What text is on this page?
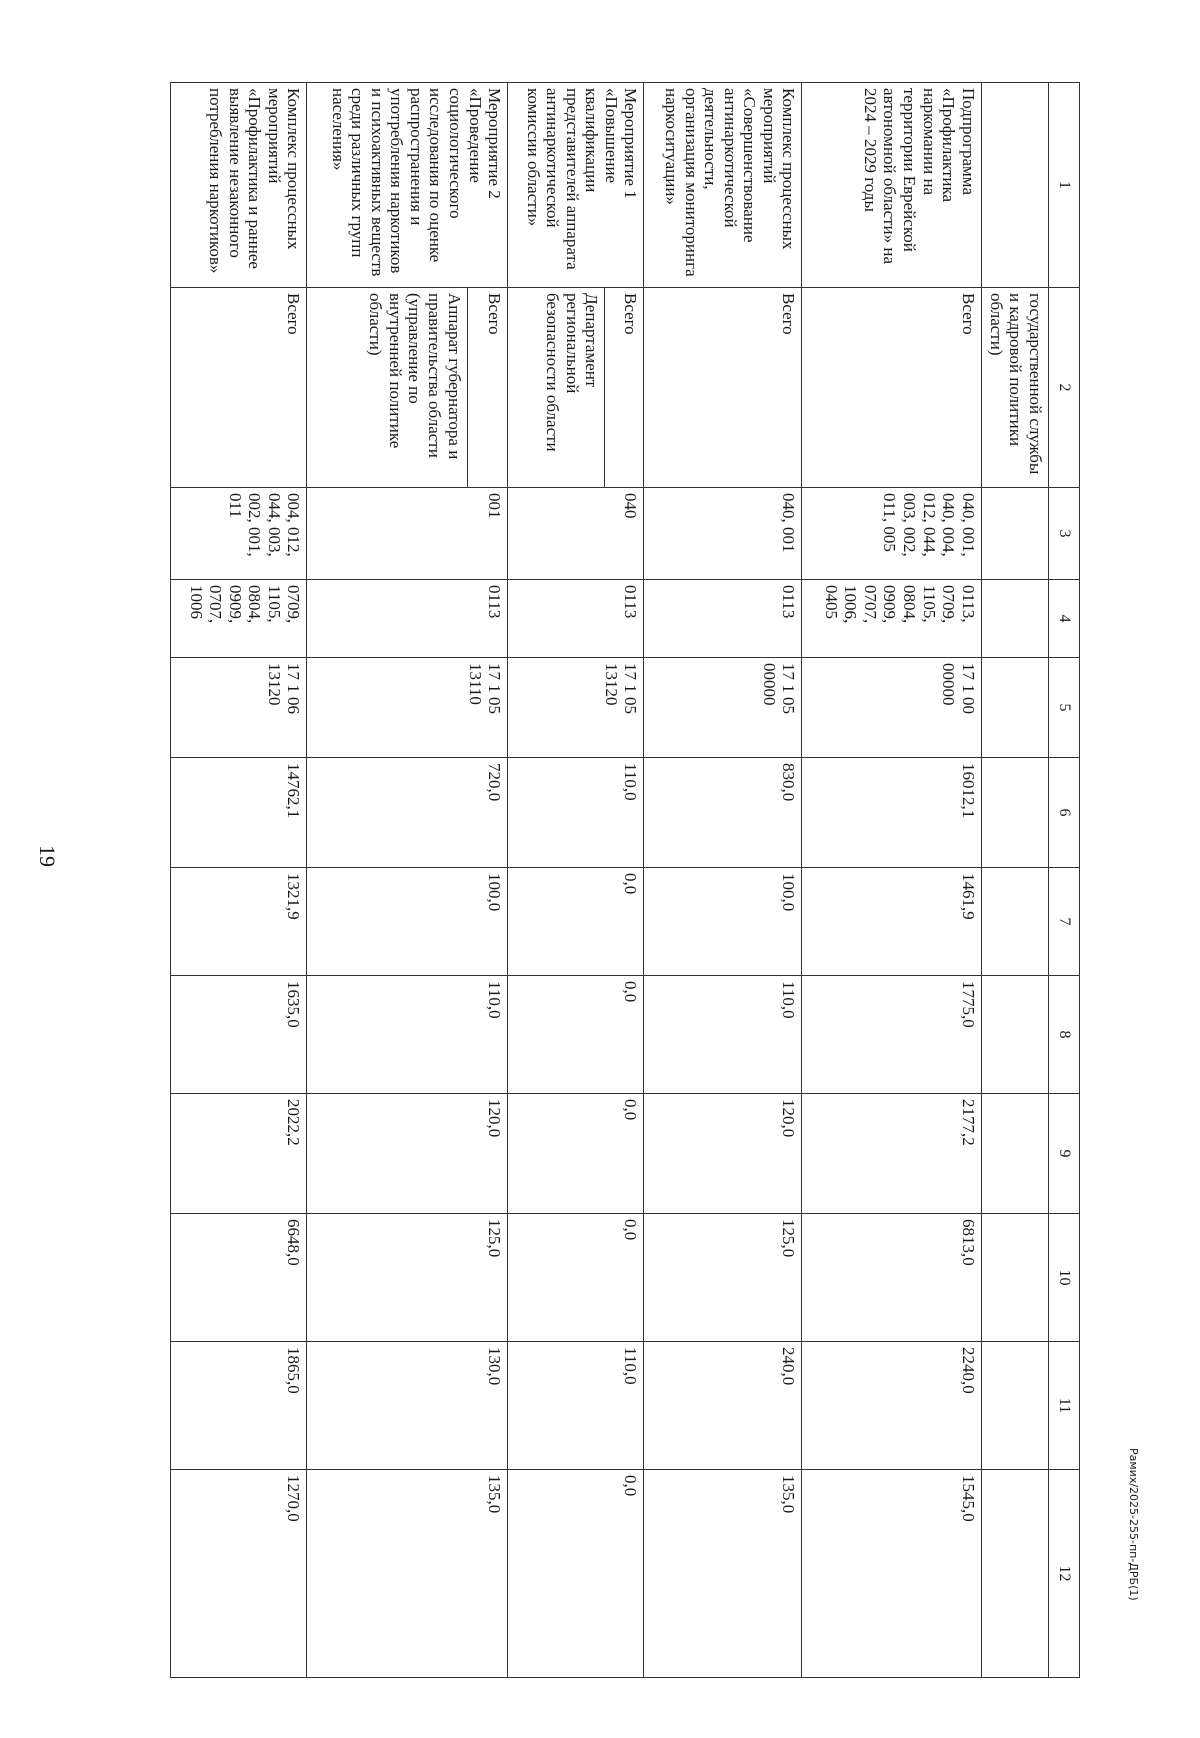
19
1	2	3	4	5	6	7	8	9	10	11	12
	государственной службы и кадровой политики области)										
Подпрограмма «Профилактика наркомании на территории Еврейской автономной области» на 2024 – 2029 годы	Всего	040, 001, 040, 004, 012, 044, 003, 002, 011, 005	0113, 0709, 1105, 0804, 0909, 0707, 1006, 0405	17 1 00 00000	16012,1	1461,9	1775,0	2177,2	6813,0	2240,0	1545,0
Комплекс процессных мероприятий «Совершенствование антинаркотической деятельности, организация мониторинга наркоситуации»	Всего	040, 001	0113	17 1 05 00000	830,0	100,0	110,0	120,0	125,0	240,0	135,0
Мероприятие 1 «Повышение квалификации представителей аппарата антинаркотической комиссии области»	Всего	040	0113	17 1 05 13120	110,0	0,0	0,0	0,0	0,0	110,0	0,0
	Департамент региональной безопасности области										
Мероприятие 2 «Проведение социологического исследования по оценке распространения и употребления наркотиков и психоактивных веществ среди различных групп населения»	Всего	001	0113	17 1 05 13110	720,0	100,0	110,0	120,0	125,0	130,0	135,0
	Аппарат губернатора и правительства области (управление по внутренней политике области)										
Комплекс процессных мероприятий «Профилактика и раннее выявление незаконного потребления наркотиков»	Всего	004, 012, 044, 003, 002, 001, 011	0709, 1105, 0804, 0909, 0707, 1006	17 1 06 13120	14762,1	1321,9	1635,0	2022,2	6648,0	1865,0	1270,0	Рамих/2025-255-пп-ДРБ(1)
